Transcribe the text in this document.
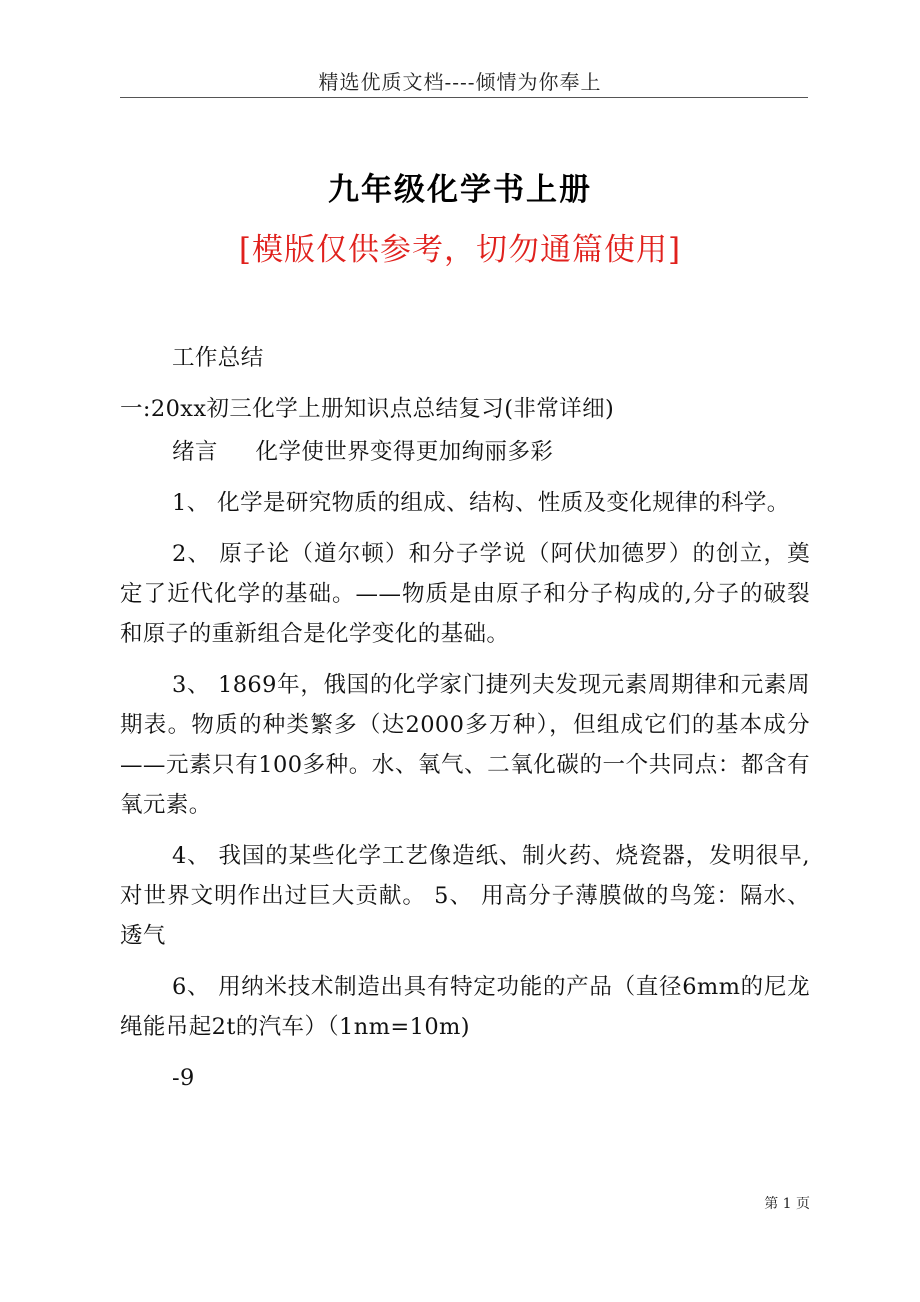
精选优质文档----倾情为你奉上
九年级化学书上册
[模版仅供参考，切勿通篇使用]

工作总结

一:20xx初三化学上册知识点总结复习(非常详细)

绪言     化学使世界变得更加绚丽多彩

1、 化学是研究物质的组成、结构、性质及变化规律的科学。

2、 原子论（道尔顿）和分子学说（阿伏加德罗）的创立，奠定了近代化学的基础。——物质是由原子和分子构成的,分子的破裂和原子的重新组合是化学变化的基础。

3、 1869年，俄国的化学家门捷列夫发现元素周期律和元素周期表。物质的种类繁多（达2000多万种），但组成它们的基本成分——元素只有100多种。水、氧气、二氧化碳的一个共同点：都含有氧元素。

4、 我国的某些化学工艺像造纸、制火药、烧瓷器，发明很早,对世界文明作出过巨大贡献。 5、 用高分子薄膜做的鸟笼：隔水、透气

6、 用纳米技术制造出具有特定功能的产品（直径6mm的尼龙绳能吊起2t的汽车）（1nm=10m)

-9

第 1 页
